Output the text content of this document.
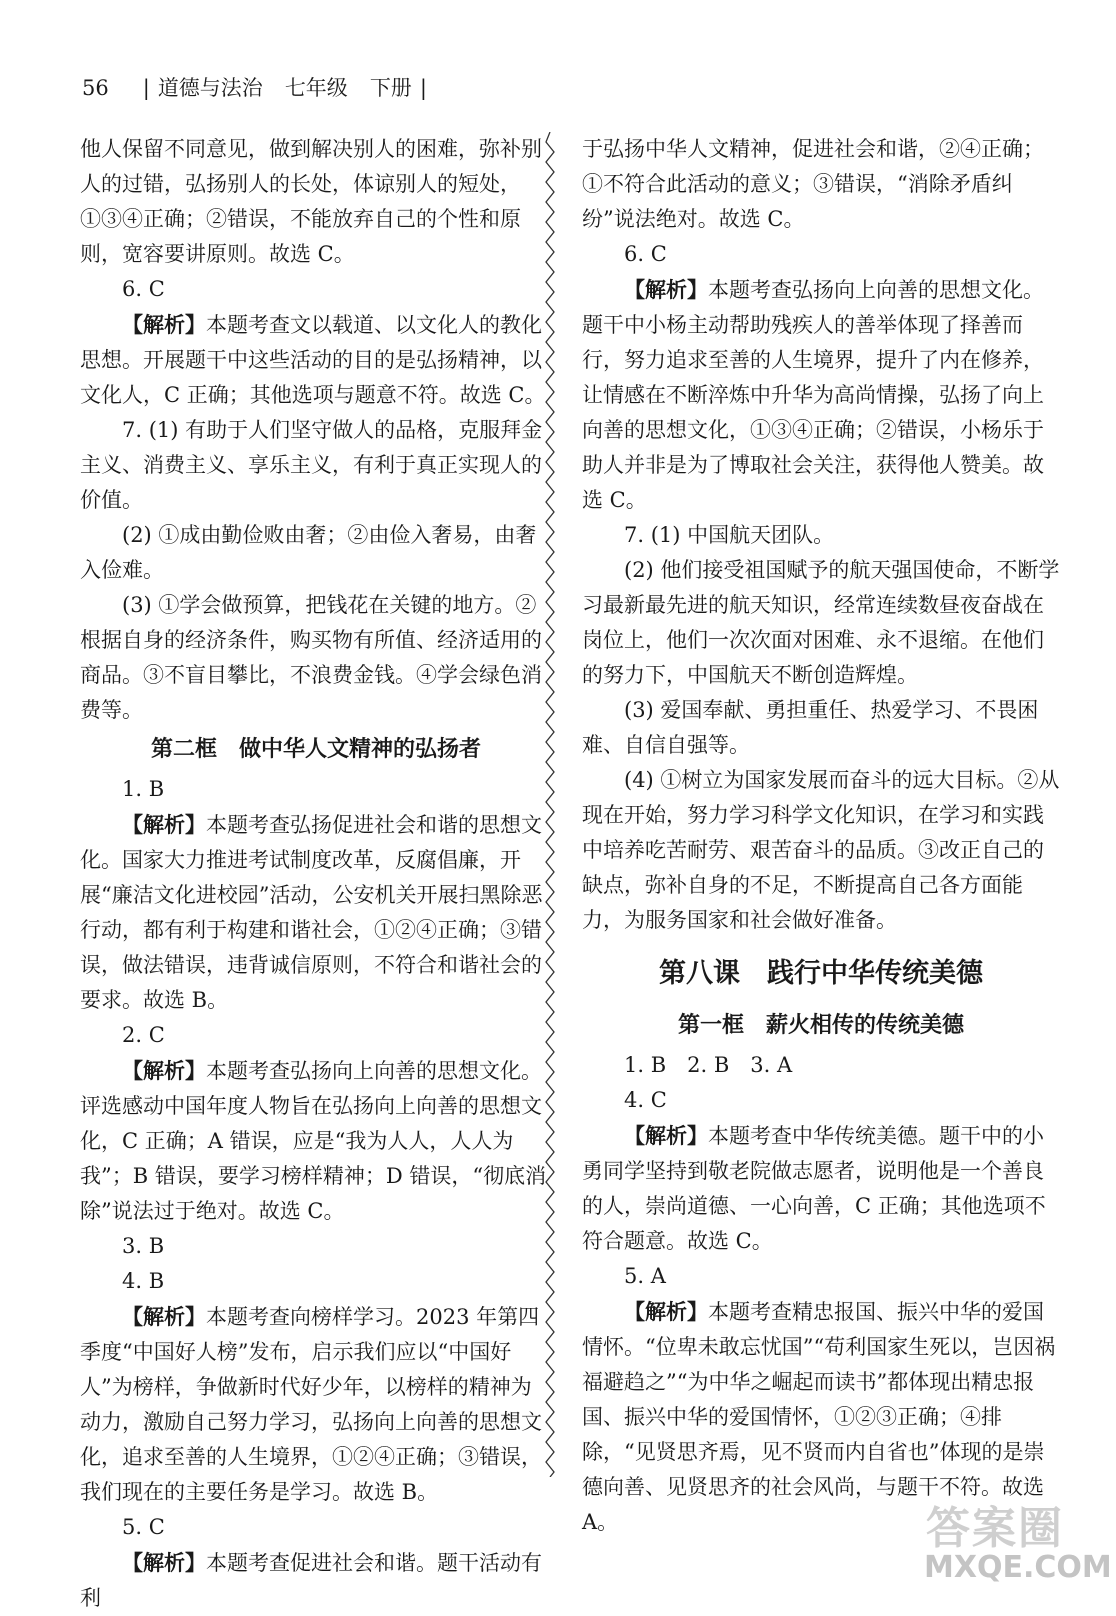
56 | 道德与法治 七年级 下册 |

他人保留不同意见，做到解决别人的困难，弥补别人的过错，弘扬别人的长处，体谅别人的短处，①③④正确；②错误，不能放弃自己的个性和原则，宽容要讲原则。故选 C。

6. C

【解析】本题考查文以载道、以文化人的教化思想。开展题干中这些活动的目的是弘扬精神，以文化人，C 正确；其他选项与题意不符。故选 C。

7. (1) 有助于人们坚守做人的品格，克服拜金主义、消费主义、享乐主义，有利于真正实现人的价值。

(2) ①成由勤俭败由奢；②由俭入奢易，由奢入俭难。

(3) ①学会做预算，把钱花在关键的地方。②根据自身的经济条件，购买物有所值、经济适用的商品。③不盲目攀比，不浪费金钱。④学会绿色消费等。

第二框　做中华人文精神的弘扬者

1. B

【解析】本题考查弘扬促进社会和谐的思想文化。国家大力推进考试制度改革，反腐倡廉，开展“廉洁文化进校园”活动，公安机关开展扫黑除恶行动，都有利于构建和谐社会，①②④正确；③错误，做法错误，违背诚信原则，不符合和谐社会的要求。故选 B。

2. C

【解析】本题考查弘扬向上向善的思想文化。评选感动中国年度人物旨在弘扬向上向善的思想文化，C 正确；A 错误，应是“我为人人，人人为我”；B 错误，要学习榜样精神；D 错误，“彻底消除”说法过于绝对。故选 C。

3. B

4. B

【解析】本题考查向榜样学习。2023 年第四季度“中国好人榜”发布，启示我们应以“中国好人”为榜样，争做新时代好少年，以榜样的精神为动力，激励自己努力学习，弘扬向上向善的思想文化，追求至善的人生境界，①②④正确；③错误，我们现在的主要任务是学习。故选 B。

5. C

【解析】本题考查促进社会和谐。题干活动有利

于弘扬中华人文精神，促进社会和谐，②④正确；①不符合此活动的意义；③错误，“消除矛盾纠纷”说法绝对。故选 C。

6. C

【解析】本题考查弘扬向上向善的思想文化。题干中小杨主动帮助残疾人的善举体现了择善而行，努力追求至善的人生境界，提升了内在修养，让情感在不断淬炼中升华为高尚情操，弘扬了向上向善的思想文化，①③④正确；②错误，小杨乐于助人并非是为了博取社会关注，获得他人赞美。故选 C。

7. (1) 中国航天团队。

(2) 他们接受祖国赋予的航天强国使命，不断学习最新最先进的航天知识，经常连续数昼夜奋战在岗位上，他们一次次面对困难、永不退缩。在他们的努力下，中国航天不断创造辉煌。

(3) 爱国奉献、勇担重任、热爱学习、不畏困难、自信自强等。

(4) ①树立为国家发展而奋斗的远大目标。②从现在开始，努力学习科学文化知识，在学习和实践中培养吃苦耐劳、艰苦奋斗的品质。③改正自己的缺点，弥补自身的不足，不断提高自己各方面能力，为服务国家和社会做好准备。

第八课　践行中华传统美德
第一框　薪火相传的传统美德

1. B　2. B　3. A

4. C

【解析】本题考查中华传统美德。题干中的小勇同学坚持到敬老院做志愿者，说明他是一个善良的人，崇尚道德、一心向善，C 正确；其他选项不符合题意。故选 C。

5. A

【解析】本题考查精忠报国、振兴中华的爱国情怀。“位卑未敢忘忧国”“苟利国家生死以，岂因祸福避趋之”“为中华之崛起而读书”都体现出精忠报国、振兴中华的爱国情怀，①②③正确；④排除，“见贤思齐焉，见不贤而内自省也”体现的是崇德向善、见贤思齐的社会风尚，与题干不符。故选 A。	答案圈
MXQE.COM
